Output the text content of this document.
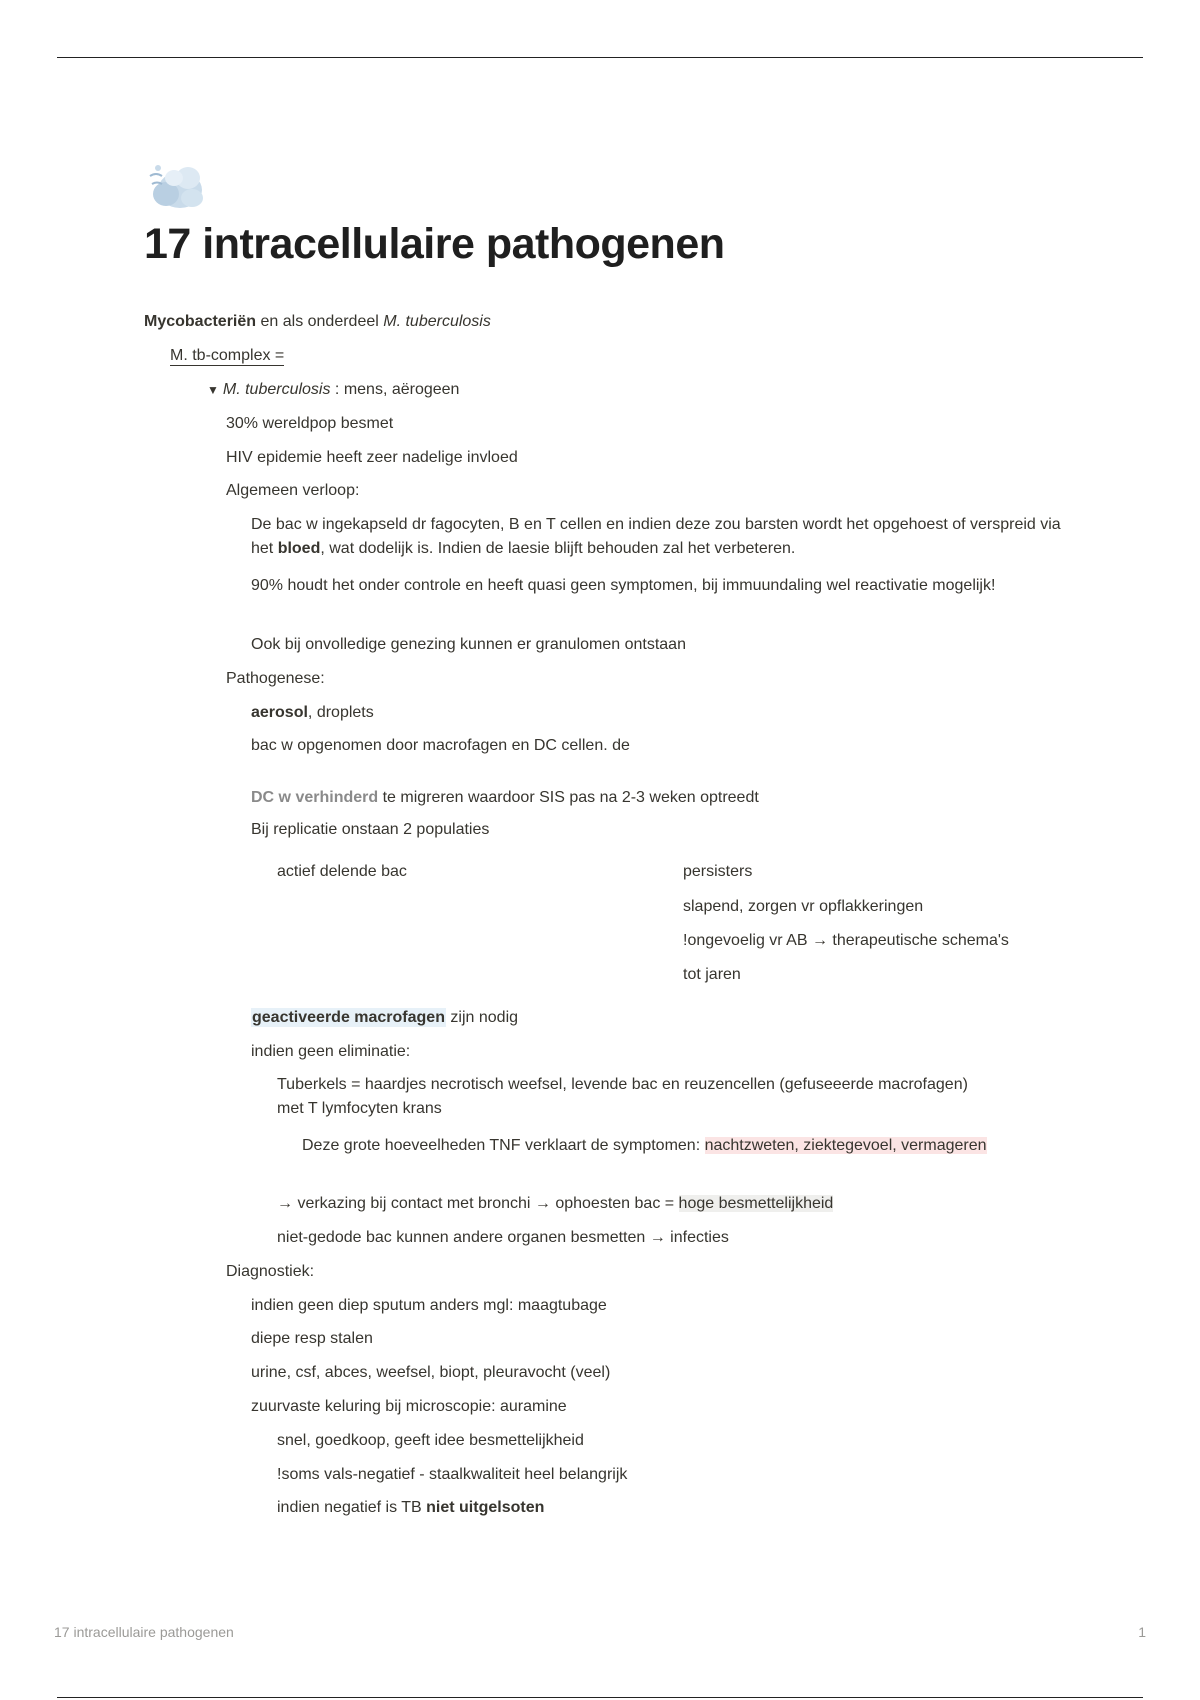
17 intracellulaire pathogenen
Mycobacteriën en als onderdeel M. tuberculosis
M. tb-complex =
▼ M. tuberculosis : mens, aërogeen
30% wereldpop besmet
HIV epidemie heeft zeer nadelige invloed
Algemeen verloop:
De bac w ingekapseld dr fagocyten, B en T cellen en indien deze zou barsten wordt het opgehoest of verspreid via het bloed, wat dodelijk is. Indien de laesie blijft behouden zal het verbeteren.
90% houdt het onder controle en heeft quasi geen symptomen, bij immuundaling wel reactivatie mogelijk!
Ook bij onvolledige genezing kunnen er granulomen ontstaan
Pathogenese:
aerosol, droplets
bac w opgenomen door macrofagen en DC cellen. de
DC w verhinderd te migreren waardoor SIS pas na 2-3 weken optreedt
Bij replicatie onstaan 2 populaties
actief delende bac	persisters
slapend, zorgen vr opflakkeringen
!ongevoelig vr AB → therapeutische schema's
tot jaren
geactiveerde macrofagen zijn nodig
indien geen eliminatie:
Tuberkels = haardjes necrotisch weefsel, levende bac en reuzencellen (gefuseeerde macrofagen) met T lymfocyten krans
Deze grote hoeveelheden TNF verklaart de symptomen: nachtzweten, ziektegevoel, vermageren
→ verkazing bij contact met bronchi → ophoesten bac = hoge besmettelijkheid
niet-gedode bac kunnen andere organen besmetten → infecties
Diagnostiek:
indien geen diep sputum anders mgl: maagtubage
diepe resp stalen
urine, csf, abces, weefsel, biopt, pleuravocht (veel)
zuurvaste keluring bij microscopie: auramine
snel, goedkoop, geeft idee besmettelijkheid
!soms vals-negatief - staalkwaliteit heel belangrijk
indien negatief is TB niet uitgelsoten
17 intracellulaire pathogenen	1
